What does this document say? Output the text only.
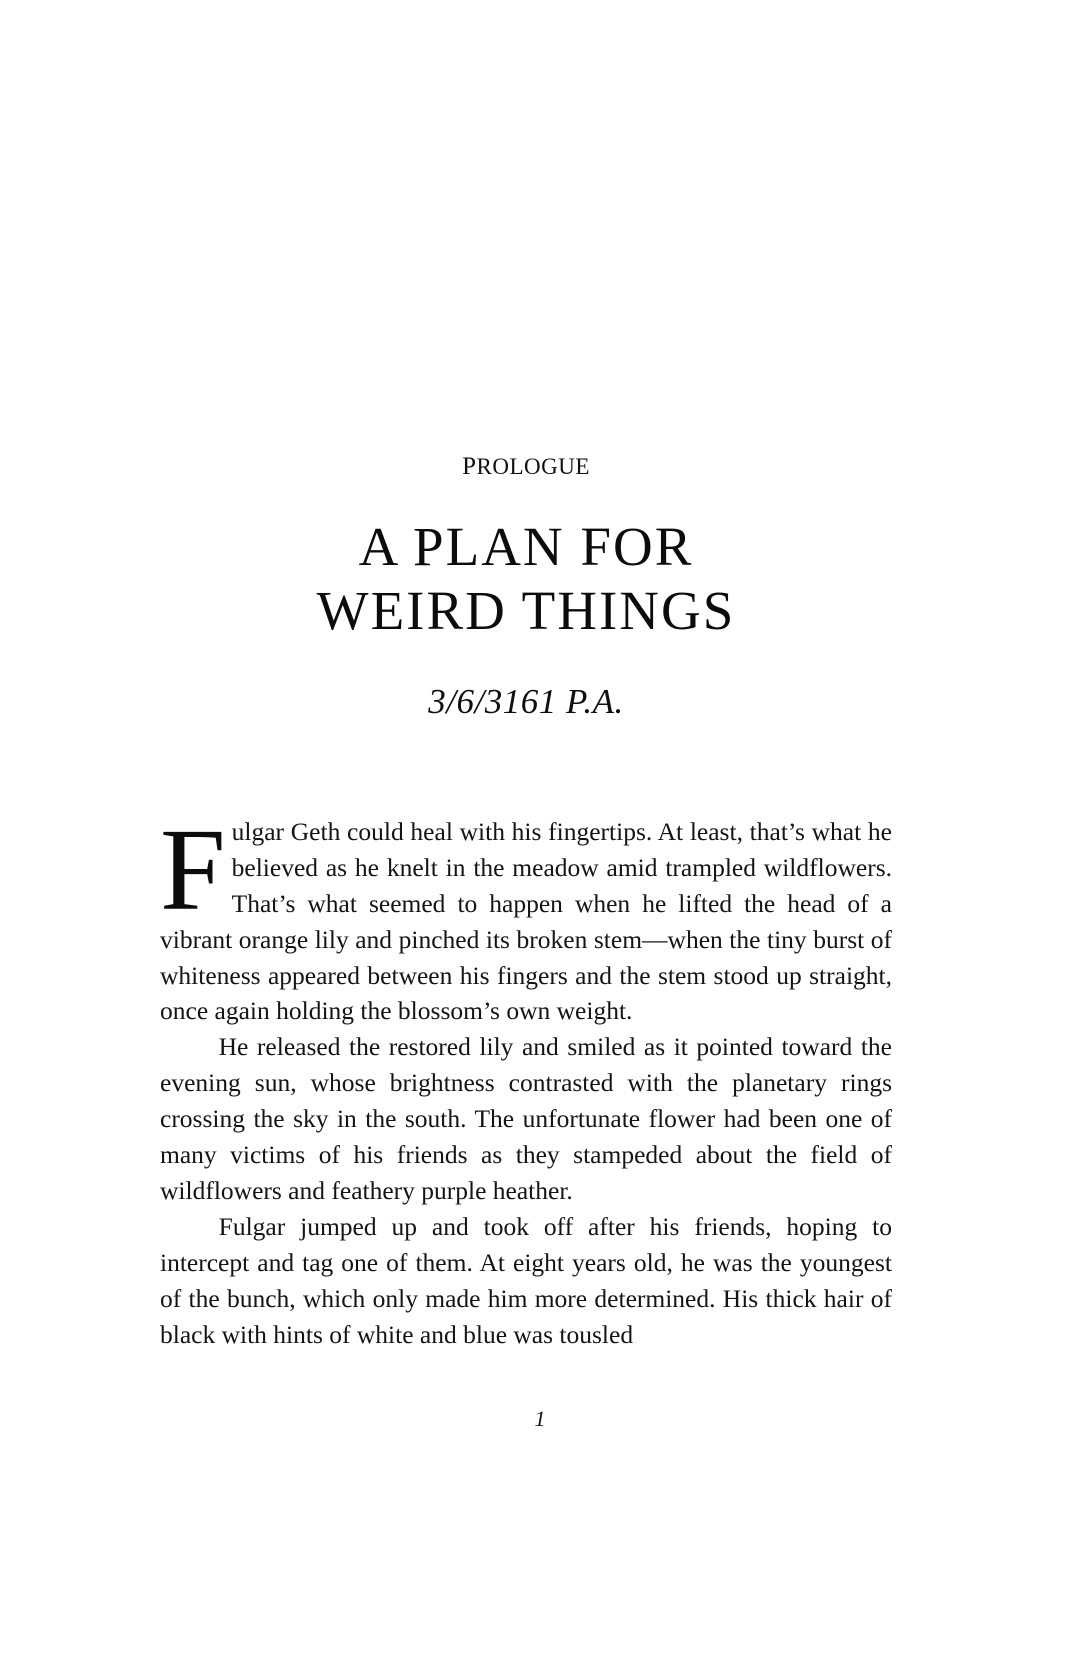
Prologue
A PLAN FOR
WEIRD THINGS
3/6/3161 P.A.

Fulgar Geth could heal with his fingertips. At least, that’s what he believed as he knelt in the meadow amid trampled wildflowers. That’s what seemed to happen when he lifted the head of a vibrant orange lily and pinched its broken stem—when the tiny burst of whiteness appeared between his fingers and the stem stood up straight, once again holding the blossom’s own weight.

He released the restored lily and smiled as it pointed toward the evening sun, whose brightness contrasted with the planetary rings crossing the sky in the south. The unfortunate flower had been one of many victims of his friends as they stampeded about the field of wildflowers and feathery purple heather.

Fulgar jumped up and took off after his friends, hoping to intercept and tag one of them. At eight years old, he was the youngest of the bunch, which only made him more determined. His thick hair of black with hints of white and blue was tousled

1
